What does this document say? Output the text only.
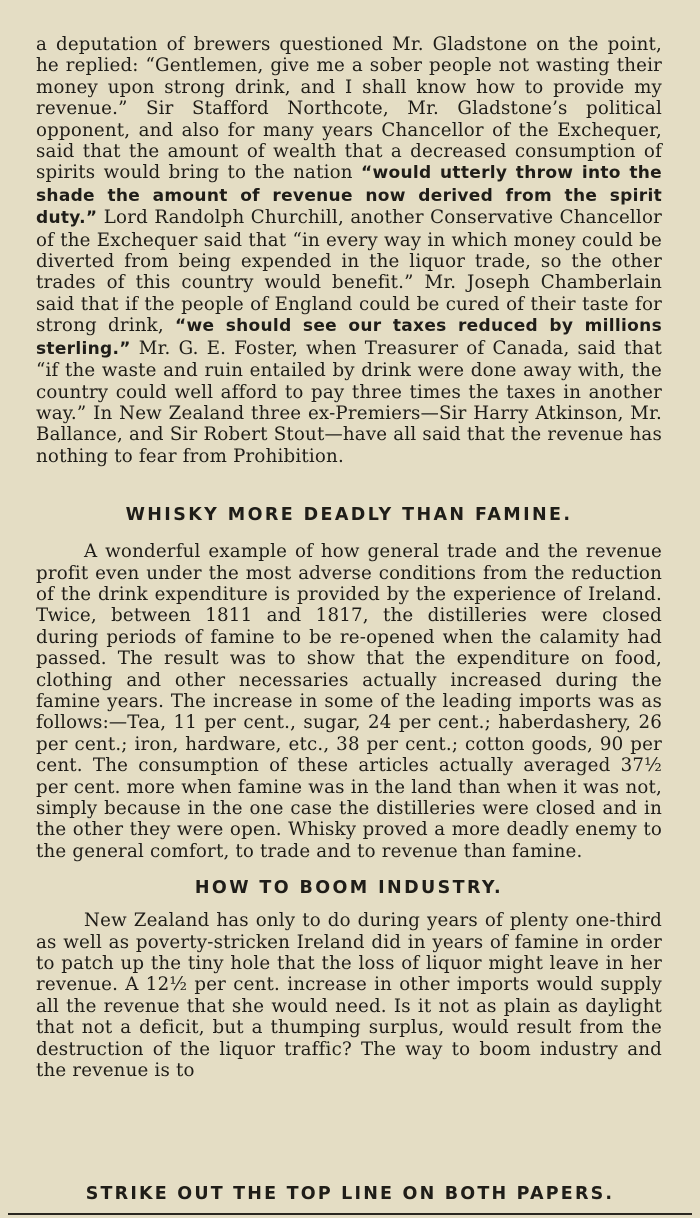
a deputation of brewers questioned Mr. Gladstone on the point, he replied: “Gentlemen, give me a sober people not wasting their money upon strong drink, and I shall know how to provide my revenue.” Sir Stafford Northcote, Mr. Gladstone’s political opponent, and also for many years Chancellor of the Exchequer, said that the amount of wealth that a decreased consumption of spirits would bring to the nation “would utterly throw into the shade the amount of revenue now derived from the spirit duty.” Lord Randolph Churchill, another Conservative Chancellor of the Exchequer said that “in every way in which money could be diverted from being expended in the liquor trade, so the other trades of this country would benefit.” Mr. Joseph Chamberlain said that if the people of England could be cured of their taste for strong drink, “we should see our taxes reduced by millions sterling.” Mr. G. E. Foster, when Treasurer of Canada, said that “if the waste and ruin entailed by drink were done away with, the country could well afford to pay three times the taxes in another way.” In New Zealand three ex-Premiers—Sir Harry Atkinson, Mr. Ballance, and Sir Robert Stout—have all said that the revenue has nothing to fear from Prohibition.

WHISKY MORE DEADLY THAN FAMINE.

A wonderful example of how general trade and the revenue profit even under the most adverse conditions from the reduction of the drink expenditure is provided by the experience of Ireland. Twice, between 1811 and 1817, the distilleries were closed during periods of famine to be re-opened when the calamity had passed. The result was to show that the expenditure on food, clothing and other necessaries actually increased during the famine years. The increase in some of the leading imports was as follows:—Tea, 11 per cent., sugar, 24 per cent.; haberdashery, 26 per cent.; iron, hardware, etc., 38 per cent.; cotton goods, 90 per cent. The consumption of these articles actually averaged 37½ per cent. more when famine was in the land than when it was not, simply because in the one case the distilleries were closed and in the other they were open. Whisky proved a more deadly enemy to the general comfort, to trade and to revenue than famine.

HOW TO BOOM INDUSTRY.

New Zealand has only to do during years of plenty one-third as well as poverty-stricken Ireland did in years of famine in order to patch up the tiny hole that the loss of liquor might leave in her revenue. A 12½ per cent. increase in other imports would supply all the revenue that she would need. Is it not as plain as daylight that not a deficit, but a thumping surplus, would result from the destruction of the liquor traffic? The way to boom industry and the revenue is to

STRIKE OUT THE TOP LINE ON BOTH PAPERS.
